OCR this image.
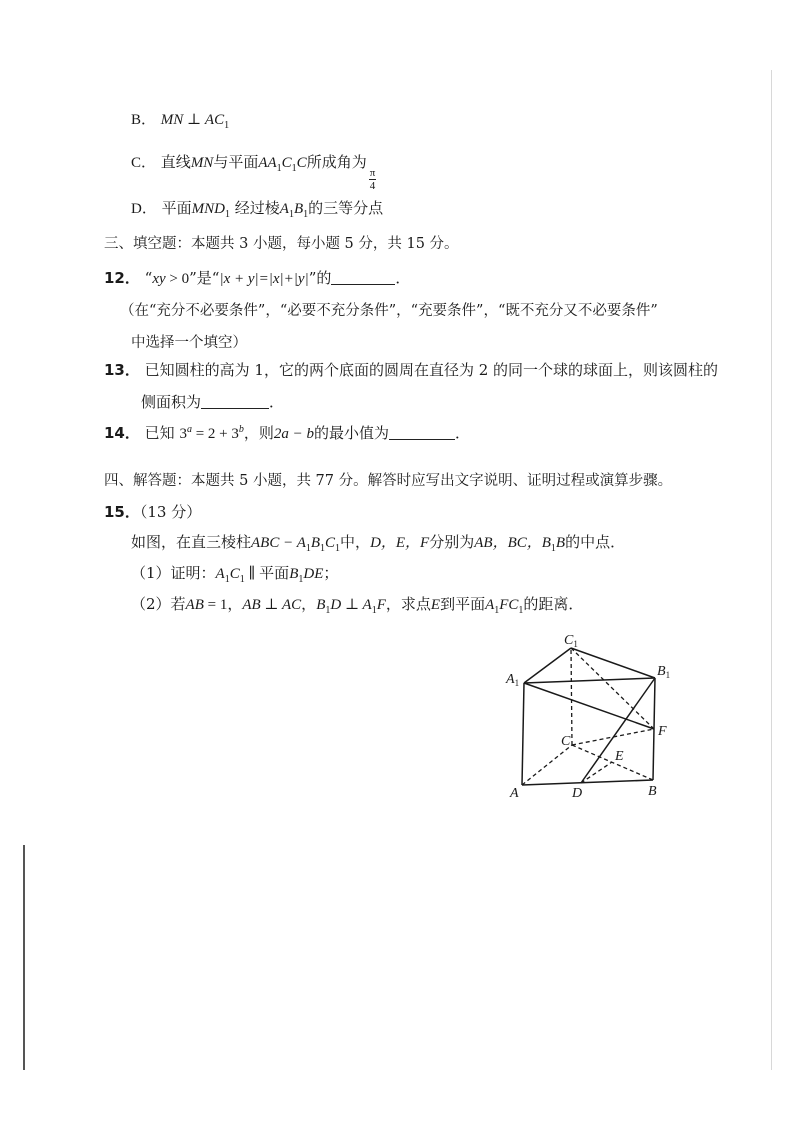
B． MN ⊥ $AC_1$
C． 直线MN与平面$AA_1C_1C$所成角为
$\frac{\pi}{4}$
D． 平面$MND_1$ 经过棱$A_1B_1$的三等分点
三、填空题：本题共 3 小题，每小题 5 分，共 15 分。
12． “xy > 0”是“|x + y|=|x|+|y|”的	．
（在“充分不必要条件”，“必要不充分条件”，“充要条件”，“既不充分又不必要条件”
中选择一个填空）
13． 已知圆柱的高为 1，它的两个底面的圆周在直径为 2 的同一个球的球面上，则该圆柱的
侧面积为	．
14． 已知 $3^a = 2 + 3^b$，则2a − b的最小值为	．
四、解答题：本题共 5 小题，共 77 分。解答时应写出文字说明、证明过程或演算步骤。
15．（13 分）
如图，在直三棱柱ABC − $A_1B_1C_1$中，D，E，F分别为AB，BC，$B_1B$的中点．
（1）证明：$A_1C_1$ ∥ 平面$B_1DE$；
（2）若AB = 1，AB ⊥ AC，$B_1D$ ⊥ $A_1F$，求点E到平面$A_1FC_1$的距离．
$C_1$
$A_1$
$B_1$
F
C
E
A	D	B
